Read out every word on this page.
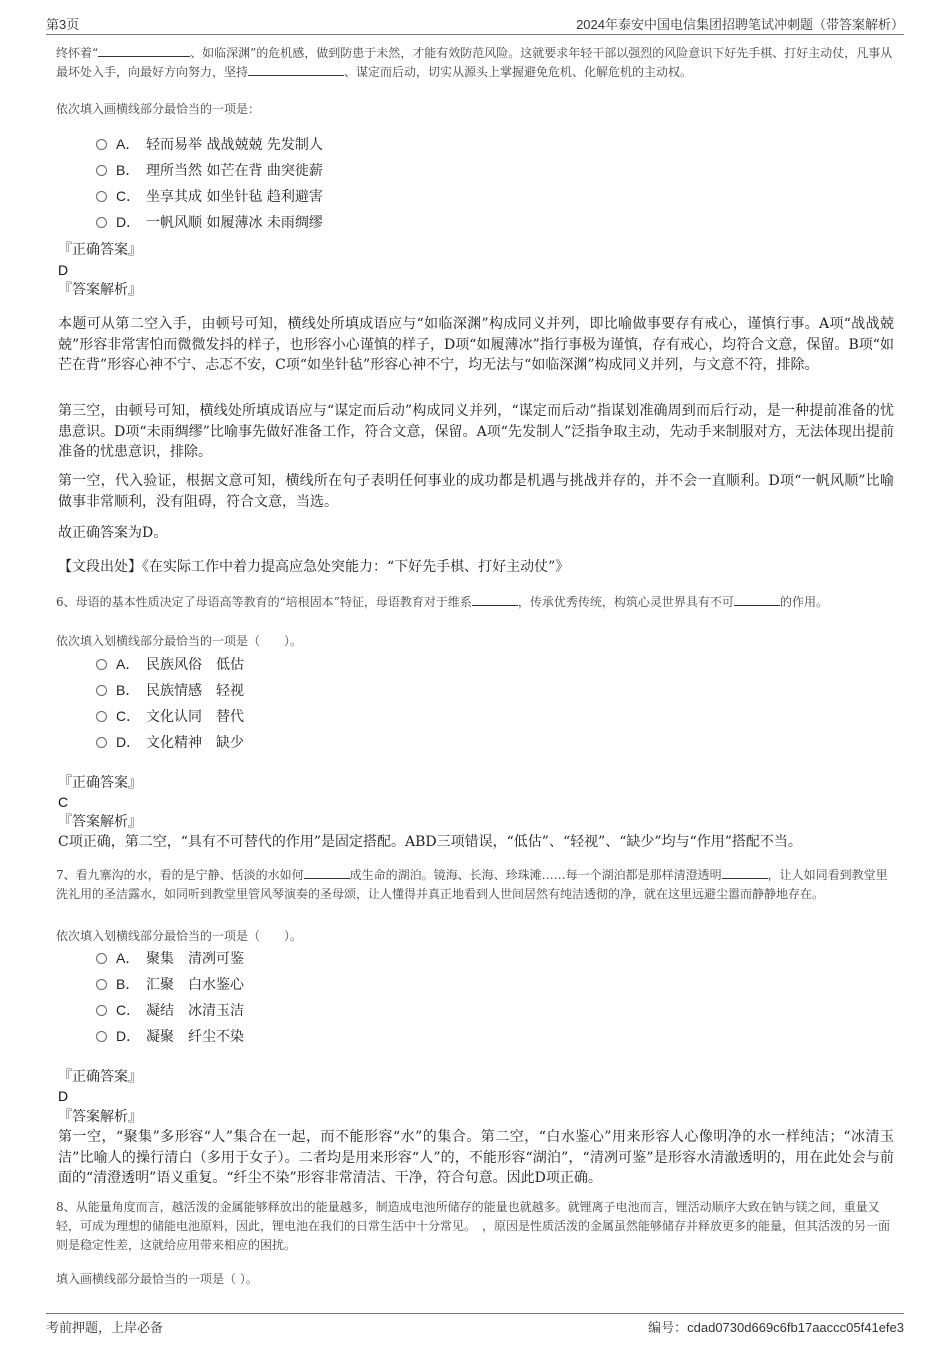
第3页	2024年泰安中国电信集团招聘笔试冲刺题（带答案解析）
终怀着“	、如临深渊”的危机感，做到防患于未然，才能有效防范风险。这就要求年轻干部以强烈的风险意识下好先手棋、打好主动仗，凡事从最坏处入手，向最好方向努力，坚持	、谋定而后动，切实从源头上掌握避免危机、化解危机的主动权。
依次填入画横线部分最恰当的一项是：
A． 轻而易举 战战兢兢 先发制人
B． 理所当然 如芒在背 曲突徙薪
C． 坐享其成 如坐针毡 趋利避害
D． 一帆风顺 如履薄冰 未雨绸缪
『正确答案』
D
『答案解析』
本题可从第二空入手，由顿号可知，横线处所填成语应与“如临深渊”构成同义并列，即比喻做事要存有戒心，谨慎行事。A项“战战兢兢”形容非常害怕而微微发抖的样子，也形容小心谨慎的样子，D项“如履薄冰”指行事极为谨慎，存有戒心，均符合文意，保留。B项“如芒在背”形容心神不宁、忐忑不安，C项“如坐针毡”形容心神不宁，均无法与“如临深渊”构成同义并列，与文意不符，排除。
第三空，由顿号可知，横线处所填成语应与“谋定而后动”构成同义并列，“谋定而后动”指谋划准确周到而后行动，是一种提前准备的忧患意识。D项“未雨绸缪”比喻事先做好准备工作，符合文意，保留。A项“先发制人”泛指争取主动，先动手来制服对方，无法体现出提前准备的忧患意识，排除。
第一空，代入验证，根据文意可知，横线所在句子表明任何事业的成功都是机遇与挑战并存的，并不会一直顺利。D项“一帆风顺”比喻做事非常顺利，没有阻碍，符合文意，当选。
故正确答案为D。
【文段出处】《在实际工作中着力提高应急处突能力：“下好先手棋、打好主动仗”》
6、母语的基本性质决定了母语高等教育的“培根固本”特征，母语教育对于维系	，传承优秀传统，构筑心灵世界具有不可	的作用。
依次填入划横线部分最恰当的一项是（　　）。
A． 民族风俗　低估
B． 民族情感　轻视
C． 文化认同　替代
D． 文化精神　缺少
『正确答案』
C
『答案解析』
C项正确，第二空，“具有不可替代的作用”是固定搭配。ABD三项错误，“低估”、“轻视”、“缺少”均与“作用”搭配不当。
7、看九寨沟的水，看的是宁静、恬淡的水如何	成生命的湖泊。镜海、长海、珍珠滩……每一个湖泊都是那样清澄透明	，让人如同看到教堂里洗礼用的圣洁露水，如同听到教堂里管风琴演奏的圣母颂，让人懂得并真正地看到人世间居然有纯洁透彻的净，就在这里远避尘嚣而静静地存在。
依次填入划横线部分最恰当的一项是（　　）。
A． 聚集　清冽可鉴
B． 汇聚　白水鉴心
C． 凝结　冰清玉洁
D． 凝聚　纤尘不染
『正确答案』
D
『答案解析』
第一空，“聚集”多形容“人”集合在一起，而不能形容“水”的集合。第二空，“白水鉴心”用来形容人心像明净的水一样纯洁；“冰清玉洁”比喻人的操行清白（多用于女子）。二者均是用来形容“人”的，不能形容“湖泊”，“清冽可鉴”是形容水清澈透明的，用在此处会与前面的“清澄透明”语义重复。“纤尘不染”形容非常清洁、干净，符合句意。因此D项正确。
8、从能量角度而言，越活泼的金属能够释放出的能量越多，制造成电池所储存的能量也就越多。就锂离子电池而言，锂活动顺序大致在钠与镁之间，重量又轻，可成为理想的储能电池原料，因此，锂电池在我们的日常生活中十分常见。　，原因是性质活泼的金属虽然能够储存并释放更多的能量，但其活泼的另一面则是稳定性差，这就给应用带来相应的困扰。
填入画横线部分最恰当的一项是（ ）。
考前押题，上岸必备	编号：cdad0730d669c6fb17aaccc05f41efe3
